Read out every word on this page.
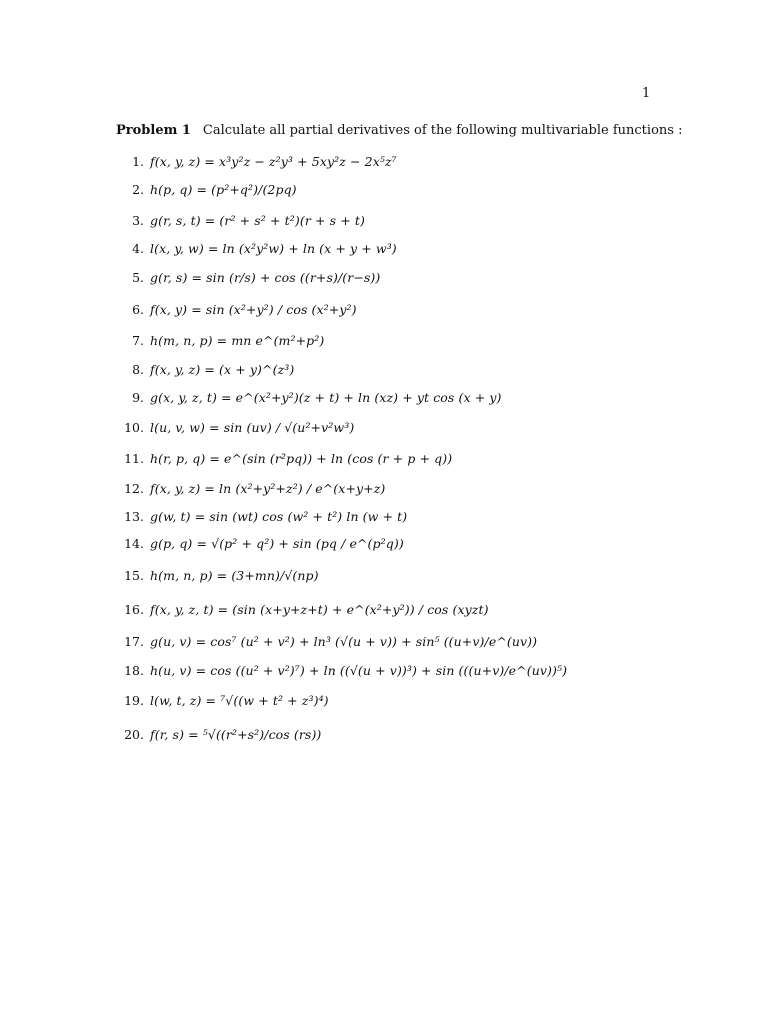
1
Problem 1 Calculate all partial derivatives of the following multivariable functions :
1. f(x, y, z) = x³y²z − z²y³ + 5xy²z − 2x⁵z⁷
2. h(p, q) = (p²+q²)/(2pq)
3. g(r, s, t) = (r² + s² + t²)(r + s + t)
4. l(x, y, w) = ln (x²y²w) + ln (x + y + w³)
5. g(r, s) = sin (r/s) + cos ((r+s)/(r−s))
6. f(x, y) = sin (x²+y²) / cos (x²+y²)
7. h(m, n, p) = mn e^(m²+p²)
8. f(x, y, z) = (x + y)^(z³)
9. g(x, y, z, t) = e^(x²+y²)(z + t) + ln (xz) + yt cos (x + y)
10. l(u, v, w) = sin (uv) / √(u²+v²w³)
11. h(r, p, q) = e^(sin (r²pq)) + ln (cos (r + p + q))
12. f(x, y, z) = ln (x²+y²+z²) / e^(x+y+z)
13. g(w, t) = sin (wt) cos (w² + t²) ln (w + t)
14. g(p, q) = √(p² + q²) + sin (pq / e^(p²q))
15. h(m, n, p) = (3+mn)/√(np)
16. f(x, y, z, t) = (sin (x+y+z+t) + e^(x²+y²)) / cos (xyzt)
17. g(u, v) = cos⁷ (u² + v²) + ln³ (√(u + v)) + sin⁵ ((u+v)/e^(uv))
18. h(u, v) = cos ((u² + v²)⁷) + ln ((√(u + v))³) + sin (((u+v)/e^(uv))⁵)
19. l(w, t, z) = ⁷√((w + t² + z³)⁴)
20. f(r, s) = ⁵√((r²+s²)/cos (rs))
